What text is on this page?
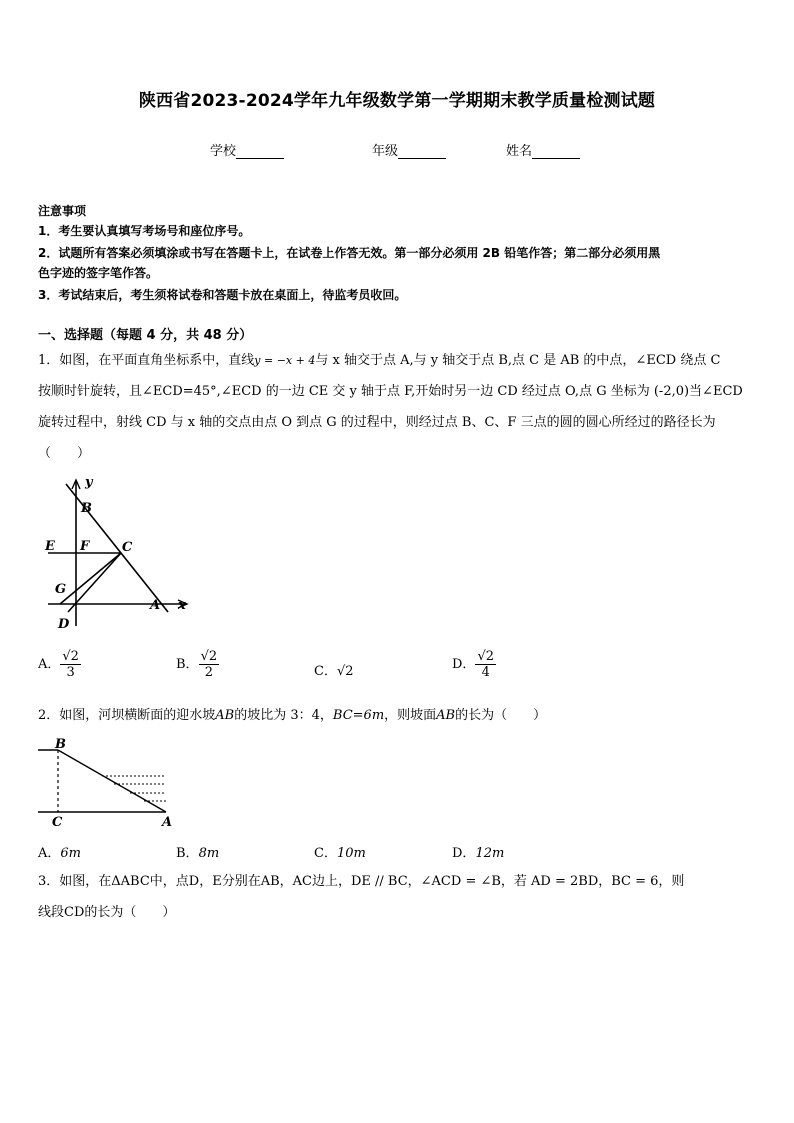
陕西省2023-2024学年九年级数学第一学期期末教学质量检测试题
学校	年级	姓名
注意事项
1．考生要认真填写考场号和座位序号。
2．试题所有答案必须填涂或书写在答题卡上，在试卷上作答无效。第一部分必须用 2B 铅笔作答；第二部分必须用黑
色字迹的签字笔作答。
3．考试结束后，考生须将试卷和答题卡放在桌面上，待监考员收回。
一、选择题（每题 4 分，共 48 分）
1．如图，在平面直角坐标系中，直线y = −x + 4与 x 轴交于点 A,与 y 轴交于点 B,点 C 是 AB 的中点，∠ECD 绕点 C
按顺时针旋转，且∠ECD=45°,∠ECD 的一边 CE 交 y 轴于点 F,开始时另一边 CD 经过点 O,点 G 坐标为 (-2,0)当∠ECD
旋转过程中，射线 CD 与 x 轴的交点由点 O 到点 G 的过程中，则经过点 B、C、F 三点的圆的圆心所经过的路径长为
（　　）
y
B
E F	C
G
A x
D
A． $\frac{√2}{3}$	B． $\frac{√2}{2}$	C．√2	D． $\frac{√2}{4}$
2．如图，河坝横断面的迎水坡AB的坡比为 3：4，BC=6m，则坡面AB的长为（　　）
B
C	A
A．6m	B．8m	C．10m	D．12m
3．如图，在ΔABC中，点D，E分别在AB，AC边上，DE // BC，∠ACD = ∠B，若 AD = 2BD，BC = 6，则
线段CD的长为（　　）
